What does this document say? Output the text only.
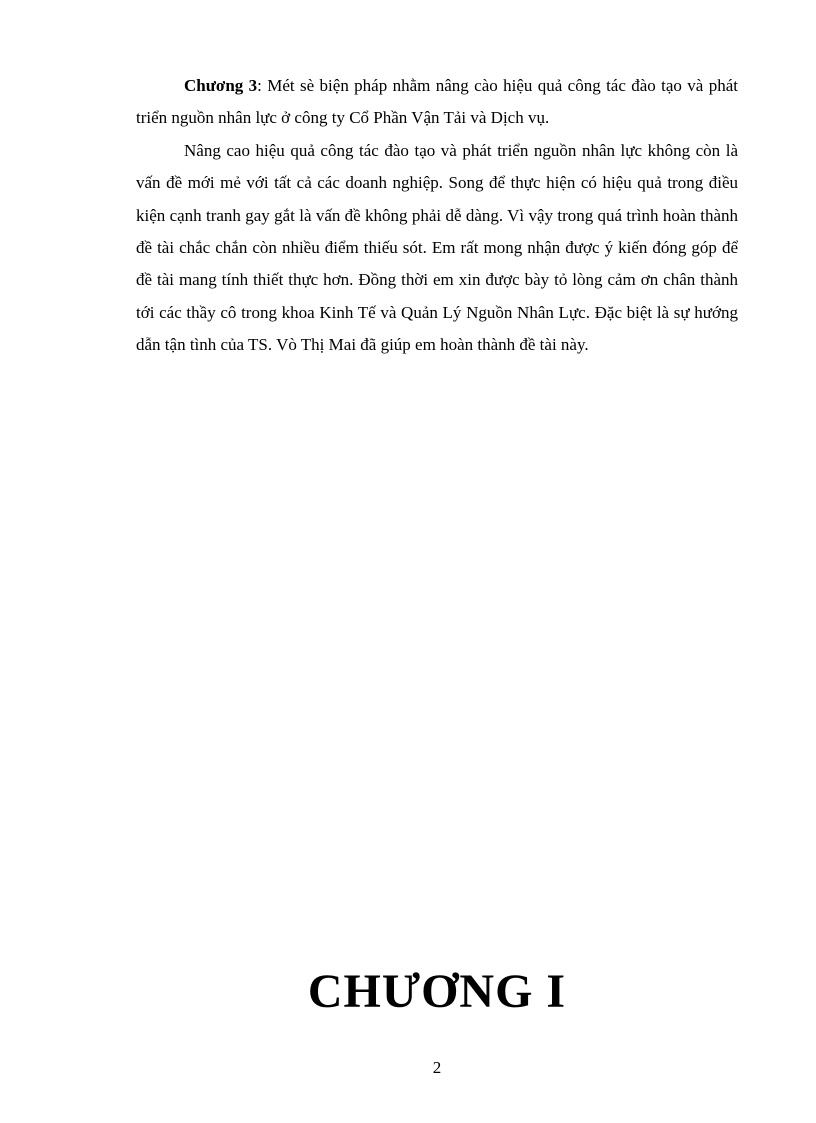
Chương 3: Mét sè biện pháp nhằm nâng cào hiệu quả công tác đào tạo và phát triển nguồn nhân lực ở công ty Cổ Phần Vận Tải và Dịch vụ.

Nâng cao hiệu quả công tác đào tạo và phát triển nguồn nhân lực không còn là vấn đề mới mẻ với tất cả các doanh nghiệp. Song để thực hiện có hiệu quả trong điều kiện cạnh tranh gay gắt là vấn đề không phải dễ dàng. Vì vậy trong quá trình hoàn thành đề tài chắc chắn còn nhiều điểm thiếu sót. Em rất mong nhận được ý kiến đóng góp để đề tài mang tính thiết thực hơn. Đồng thời em xin được bày tỏ lòng cảm ơn chân thành tới các thầy cô trong khoa Kinh Tế và Quản Lý Nguồn Nhân Lực. Đặc biệt là sự hướng dẫn tận tình của TS. Vò Thị Mai đã giúp em hoàn thành đề tài này.

CHƯƠNG I
2
